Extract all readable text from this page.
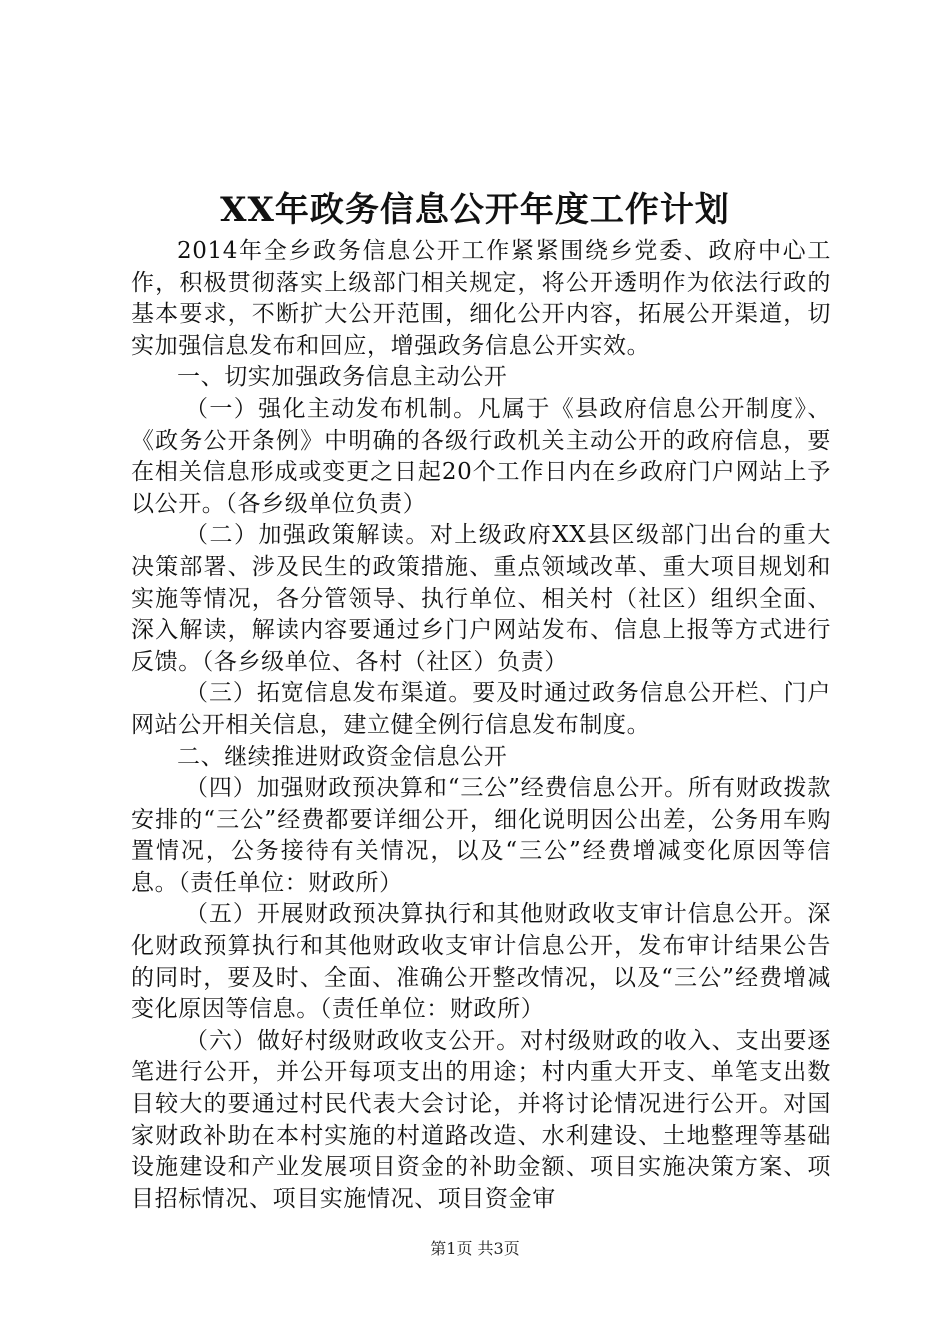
XX年政务信息公开年度工作计划

2014年全乡政务信息公开工作紧紧围绕乡党委、政府中心工作，积极贯彻落实上级部门相关规定，将公开透明作为依法行政的基本要求，不断扩大公开范围，细化公开内容，拓展公开渠道，切实加强信息发布和回应，增强政务信息公开实效。

一、切实加强政务信息主动公开

（一）强化主动发布机制。凡属于《县政府信息公开制度》、《政务公开条例》中明确的各级行政机关主动公开的政府信息，要在相关信息形成或变更之日起20个工作日内在乡政府门户网站上予以公开。（各乡级单位负责）

（二）加强政策解读。对上级政府XX县区级部门出台的重大决策部署、涉及民生的政策措施、重点领域改革、重大项目规划和实施等情况，各分管领导、执行单位、相关村（社区）组织全面、深入解读，解读内容要通过乡门户网站发布、信息上报等方式进行反馈。（各乡级单位、各村（社区）负责）

（三）拓宽信息发布渠道。要及时通过政务信息公开栏、门户网站公开相关信息，建立健全例行信息发布制度。

二、继续推进财政资金信息公开

（四）加强财政预决算和“三公”经费信息公开。所有财政拨款安排的“三公”经费都要详细公开，细化说明因公出差，公务用车购置情况，公务接待有关情况，以及“三公”经费增减变化原因等信息。（责任单位：财政所）

（五）开展财政预决算执行和其他财政收支审计信息公开。深化财政预算执行和其他财政收支审计信息公开，发布审计结果公告的同时，要及时、全面、准确公开整改情况，以及“三公”经费增减变化原因等信息。（责任单位：财政所）

（六）做好村级财政收支公开。对村级财政的收入、支出要逐笔进行公开，并公开每项支出的用途；村内重大开支、单笔支出数目较大的要通过村民代表大会讨论，并将讨论情况进行公开。对国家财政补助在本村实施的村道路改造、水利建设、土地整理等基础设施建设和产业发展项目资金的补助金额、项目实施决策方案、项目招标情况、项目实施情况、项目资金审

第1页 共3页
